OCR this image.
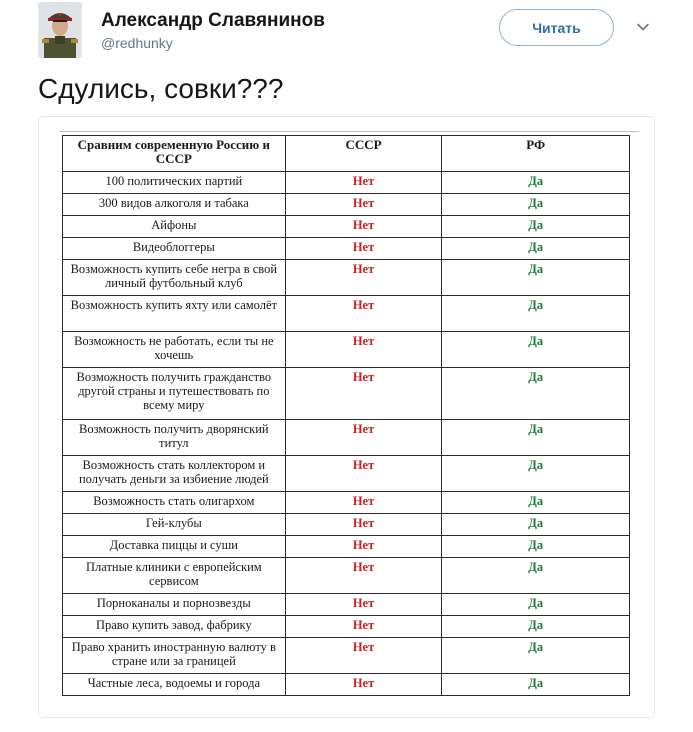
Александр Славянинов
@redhunky
Читать
Сдулись, совки???
Сравним современную Россию и СССР	СССР	РФ
100 политических партий	Нет	Да
300 видов алкоголя и табака	Нет	Да
Айфоны	Нет	Да
Видеоблоггеры	Нет	Да
Возможность купить себе негра в свой личный футбольный клуб	Нет	Да
Возможность купить яхту или самолёт	Нет	Да
Возможность не работать, если ты не хочешь	Нет	Да
Возможность получить гражданство другой страны и путешествовать по всему миру	Нет	Да
Возможность получить дворянский титул	Нет	Да
Возможность стать коллектором и получать деньги за избиение людей	Нет	Да
Возможность стать олигархом	Нет	Да
Гей-клубы	Нет	Да
Доставка пиццы и суши	Нет	Да
Платные клиники с европейским сервисом	Нет	Да
Порноканалы и порнозвезды	Нет	Да
Право купить завод, фабрику	Нет	Да
Право хранить иностранную валюту в стране или за границей	Нет	Да
Частные леса, водоемы и города	Нет	Да
